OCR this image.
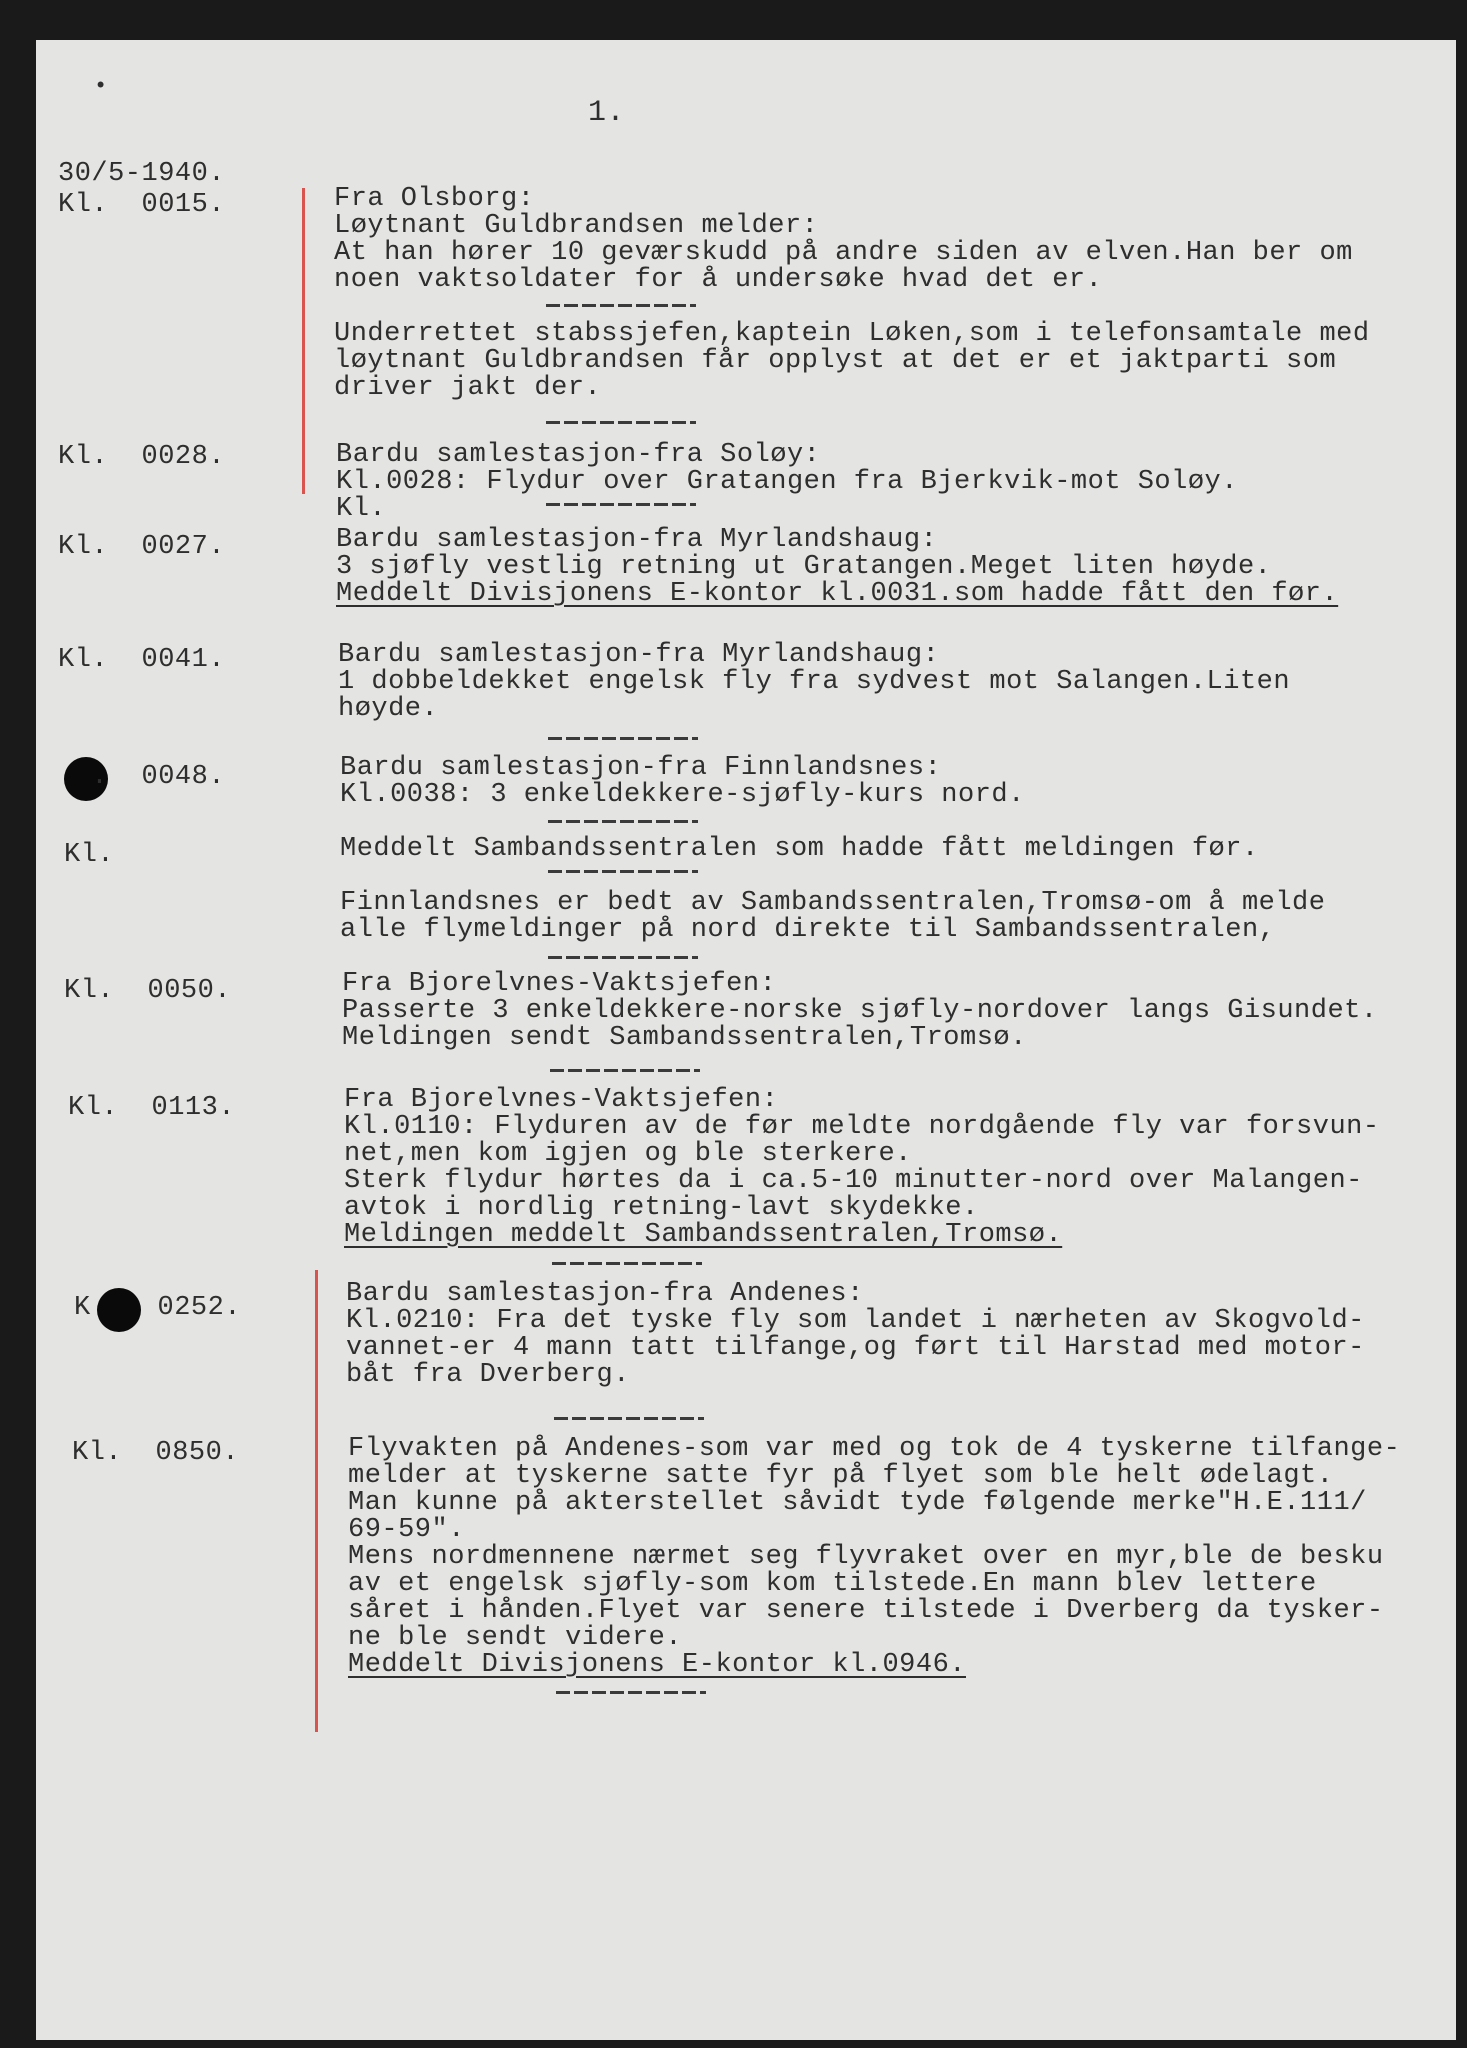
•
1.
30/5-1940.
Kl.  0015.	Fra Olsborg:
Løytnant Guldbrandsen melder:
At han hører 10 geværskudd på andre siden av elven.Han ber om
noen vaktsoldater for å undersøke hvad det er.
Underrettet stabssjefen,kaptein Løken,som i telefonsamtale med
løytnant Guldbrandsen får opplyst at det er et jaktparti som
driver jakt der.
Kl.  0028.	Bardu samlestasjon-fra Soløy:
Kl.0028: Flydur over Gratangen fra Bjerkvik-mot Soløy.
Kl.
Kl.  0027.	Bardu samlestasjon-fra Myrlandshaug:
3 sjøfly vestlig retning ut Gratangen.Meget liten høyde.
Meddelt Divisjonens E-kontor kl.0031.som hadde fått den før.
Kl.  0041.	Bardu samlestasjon-fra Myrlandshaug:
1 dobbeldekket engelsk fly fra sydvest mot Salangen.Liten
høyde.
.  0048.	Bardu samlestasjon-fra Finnlandsnes:
Kl.0038: 3 enkeldekkere-sjøfly-kurs nord.
Kl.	Meddelt Sambandssentralen som hadde fått meldingen før.
Finnlandsnes er bedt av Sambandssentralen,Tromsø-om å melde
alle flymeldinger på nord direkte til Sambandssentralen,
Kl.  0050.	Fra Bjorelvnes-Vaktsjefen:
Passerte 3 enkeldekkere-norske sjøfly-nordover langs Gisundet.
Meldingen sendt Sambandssentralen,Tromsø.
Kl.  0113.	Fra Bjorelvnes-Vaktsjefen:
Kl.0110: Flyduren av de før meldte nordgående fly var forsvun-
net,men kom igjen og ble sterkere.
Sterk flydur hørtes da i ca.5-10 minutter-nord over Malangen-
avtok i nordlig retning-lavt skydekke.
Meldingen meddelt Sambandssentralen,Tromsø.
K    0252.	Bardu samlestasjon-fra Andenes:
Kl.0210: Fra det tyske fly som landet i nærheten av Skogvold-
vannet-er 4 mann tatt tilfange,og ført til Harstad med motor-
båt fra Dverberg.
Kl.  0850.	Flyvakten på Andenes-som var med og tok de 4 tyskerne tilfange-
melder at tyskerne satte fyr på flyet som ble helt ødelagt.
Man kunne på akterstellet såvidt tyde følgende merke"H.E.111/
69-59".
Mens nordmennene nærmet seg flyvraket over en myr,ble de besku
av et engelsk sjøfly-som kom tilstede.En mann blev lettere
såret i hånden.Flyet var senere tilstede i Dverberg da tysker-
ne ble sendt videre.
Meddelt Divisjonens E-kontor kl.0946.
